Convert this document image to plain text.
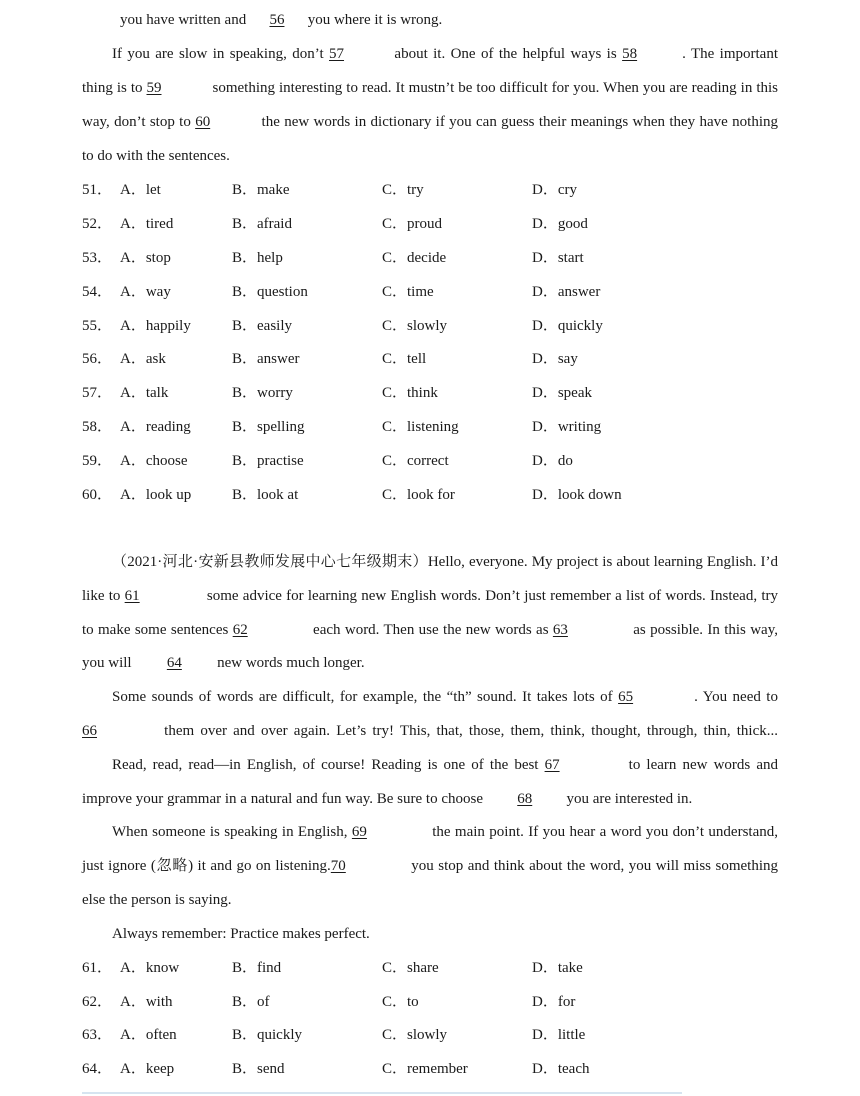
you have written and 56 you where it is wrong.
If you are slow in speaking, don’t 57	about it. One of the helpful ways is 58	. The important
thing is to 59	something interesting to read. It mustn’t be too difficult for you. When you are reading in this
way, don’t stop to 60	the new words in dictionary if you can guess their meanings when they have nothing
to do with the sentences.
51． A．let	B．make	C．try	D．cry
52． A．tired	B．afraid	C．proud	D．good
53． A．stop	B．help	C．decide	D．start
54． A．way	B．question	C．time	D．answer
55． A．happily	B．easily	C．slowly	D．quickly
56． A．ask	B．answer	C．tell	D．say
57． A．talk	B．worry	C．think	D．speak
58． A．reading	B．spelling	C．listening	D．writing
59． A．choose	B．practise	C．correct	D．do
60． A．look up	B．look at	C．look for	D．look down
（2021·河北·安新县教师发展中心七年级期末）Hello, everyone. My project is about learning English. I’d
like to 61	some advice for learning new English words. Don’t just remember a list of words. Instead, try
to make some sentences 62	each word. Then use the new words as 63	as possible. In this way,
you will 64 new words much longer.
Some sounds of words are difficult, for example, the “th” sound. It takes lots of 65	. You need to
66	them over and over again. Let’s try! This, that, those, them, think, thought, through, thin, thick...
Read, read, read—in English, of course! Reading is one of the best 67	to learn new words and
improve your grammar in a natural and fun way. Be sure to choose 68 you are interested in.
When someone is speaking in English, 69	the main point. If you hear a word you don’t understand,
just ignore (忽略) it and go on listening.70	you stop and think about the word, you will miss something
else the person is saying.
Always remember: Practice makes perfect.
61． A．know	B．find	C．share	D．take
62． A．with	B．of	C．to	D．for
63． A．often	B．quickly	C．slowly	D．little
64． A．keep	B．send	C．remember	D．teach
